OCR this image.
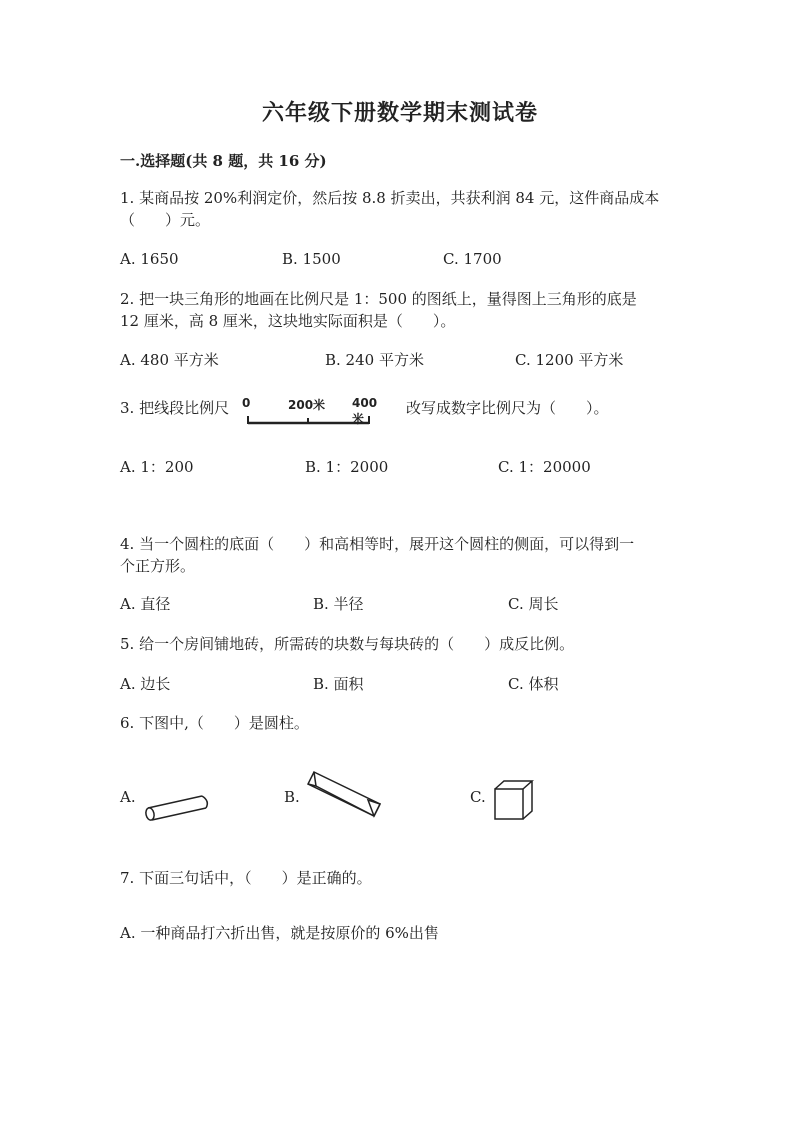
六年级下册数学期末测试卷
一.选择题(共 8 题，共 16 分)
1. 某商品按 20%利润定价，然后按 8.8 折卖出，共获利润 84 元，这件商品成本
（　　）元。
A. 1650	B. 1500	C. 1700
2. 把一块三角形的地画在比例尺是 1：500 的图纸上，量得图上三角形的底是
12 厘米，高 8 厘米，这块地实际面积是（　　）。
A. 480 平方米	B. 240 平方米	C. 1200 平方米
3. 把线段比例尺 0	200米 400米
改写成数字比例尺为（　　）。
A. 1：200	B. 1：2000	C. 1：20000
4. 当一个圆柱的底面（　　）和高相等时，展开这个圆柱的侧面，可以得到一
个正方形。
A. 直径	B. 半径	C. 周长
5. 给一个房间铺地砖，所需砖的块数与每块砖的（　　）成反比例。
A. 边长	B. 面积	C. 体积
6. 下图中,（　　）是圆柱。
A.	B.	C.
7. 下面三句话中，（　　）是正确的。
A. 一种商品打六折出售，就是按原价的 6%出售
